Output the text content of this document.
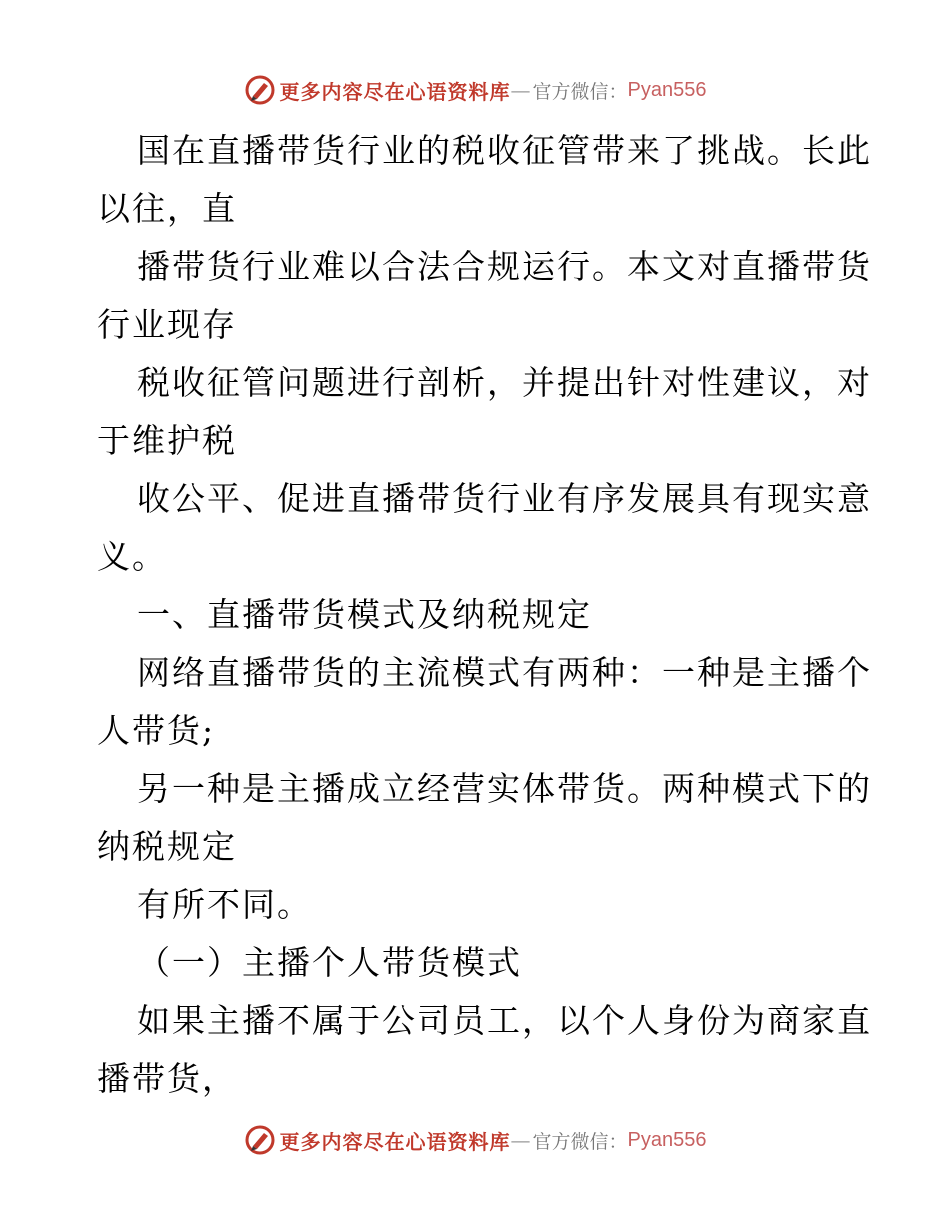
更多内容尽在心语资料库 — 官方微信： Pyan556
国在直播带货行业的税收征管带来了挑战。长此
以往，直
播带货行业难以合法合规运行。本文对直播带货
行业现存
税收征管问题进行剖析，并提出针对性建议，对
于维护税
收公平、促进直播带货行业有序发展具有现实意
义。
一、直播带货模式及纳税规定
网络直播带货的主流模式有两种：一种是主播个
人带货;
另一种是主播成立经营实体带货。两种模式下的
纳税规定
有所不同。
（一）主播个人带货模式
如果主播不属于公司员工，以个人身份为商家直
播带货，
更多内容尽在心语资料库 — 官方微信： Pyan556
